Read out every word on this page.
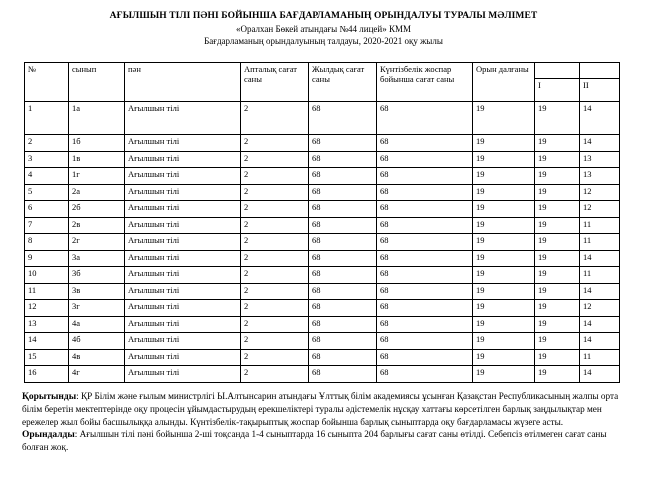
АҒЫЛШЫН ТІЛІ ПӘНІ БОЙЫНША БАҒДАРЛАМАНЫҢ ОРЫНДАЛУЫ ТУРАЛЫ МӘЛІМЕТ
«Оралхан Бөкей атындағы №44 лицей» КММ
Бағдарламаның орындалуының талдауы, 2020-2021 оқу жылы
№	сынып	пән	Апталық сағат саны	Жылдық сағат саны	Күнтізбелік жоспар бойынша сағат саны	Орын далғаны		
							I	II
1	1а	Ағылшын тілі	2	68	68	19	19	14
2	1б	Ағылшын тілі	2	68	68	19	19	14
3	1в	Ағылшын тілі	2	68	68	19	19	13
4	1г	Ағылшын тілі	2	68	68	19	19	13
5	2а	Ағылшын тілі	2	68	68	19	19	12
6	2б	Ағылшын тілі	2	68	68	19	19	12
7	2в	Ағылшын тілі	2	68	68	19	19	11
8	2г	Ағылшын тілі	2	68	68	19	19	11
9	3а	Ағылшын тілі	2	68	68	19	19	14
10	3б	Ағылшын тілі	2	68	68	19	19	11
11	3в	Ағылшын тілі	2	68	68	19	19	14
12	3г	Ағылшын тілі	2	68	68	19	19	12
13	4а	Ағылшын тілі	2	68	68	19	19	14
14	4б	Ағылшын тілі	2	68	68	19	19	14
15	4в	Ағылшын тілі	2	68	68	19	19	11
16	4г	Ағылшын тілі	2	68	68	19	19	14
Қорытынды: ҚР Білім және ғылым министрлігі Ы.Алтынсарин атындағы Ұлттық білім академиясы ұсынған Қазақстан Республикасының жалпы орта білім беретін мектептерінде оқу процесін ұйымдастырудың ерекшеліктері туралы әдістемелік нұсқау хаттағы көрсетілген барлық заңдылықтар мен ережелер жыл бойы басшылыққа алынды. Күнтізбелік-тақырыптық жоспар бойынша барлық сыныптарда оқу бағдарламасы жүзеге асты.
Орындалды: Ағылшын тілі пәні бойынша 2-ші тоқсанда 1-4 сыныптарда 16 сыныпта 204 барлығы сағат саны өтілді. Себепсіз өтілмеген сағат саны болған жоқ.
